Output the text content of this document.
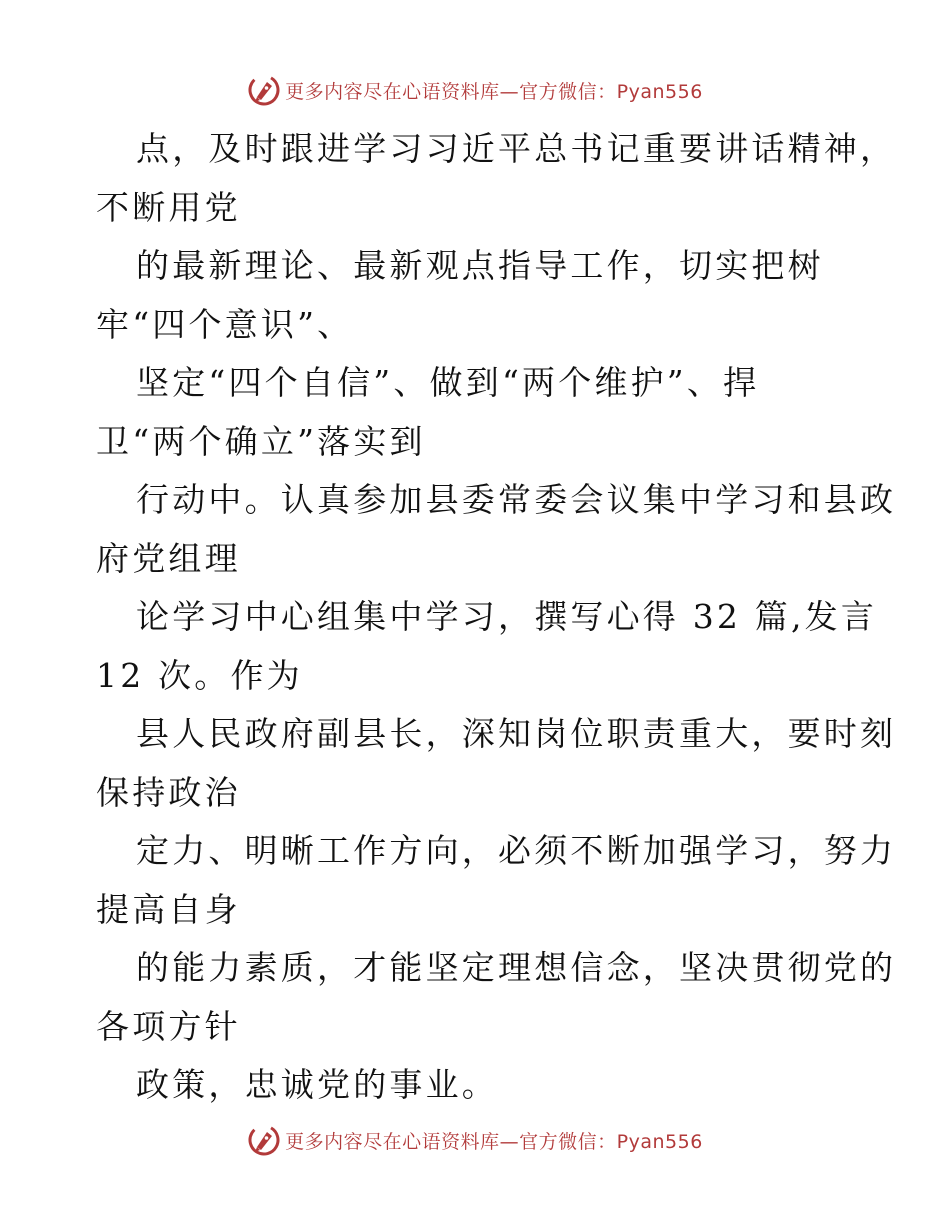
更多内容尽在心语资料库—官方微信：Pyan556
点，及时跟进学习习近平总书记重要讲话精神，
不断用党
的最新理论、最新观点指导工作，切实把树
牢“四个意识”、
坚定“四个自信”、做到“两个维护”、捍
卫“两个确立”落实到
行动中。认真参加县委常委会议集中学习和县政
府党组理
论学习中心组集中学习，撰写心得 32 篇,发言
12 次。作为
县人民政府副县长，深知岗位职责重大，要时刻
保持政治
定力、明晰工作方向，必须不断加强学习，努力
提高自身
的能力素质，才能坚定理想信念，坚决贯彻党的
各项方针
政策，忠诚党的事业。
更多内容尽在心语资料库—官方微信：Pyan556
